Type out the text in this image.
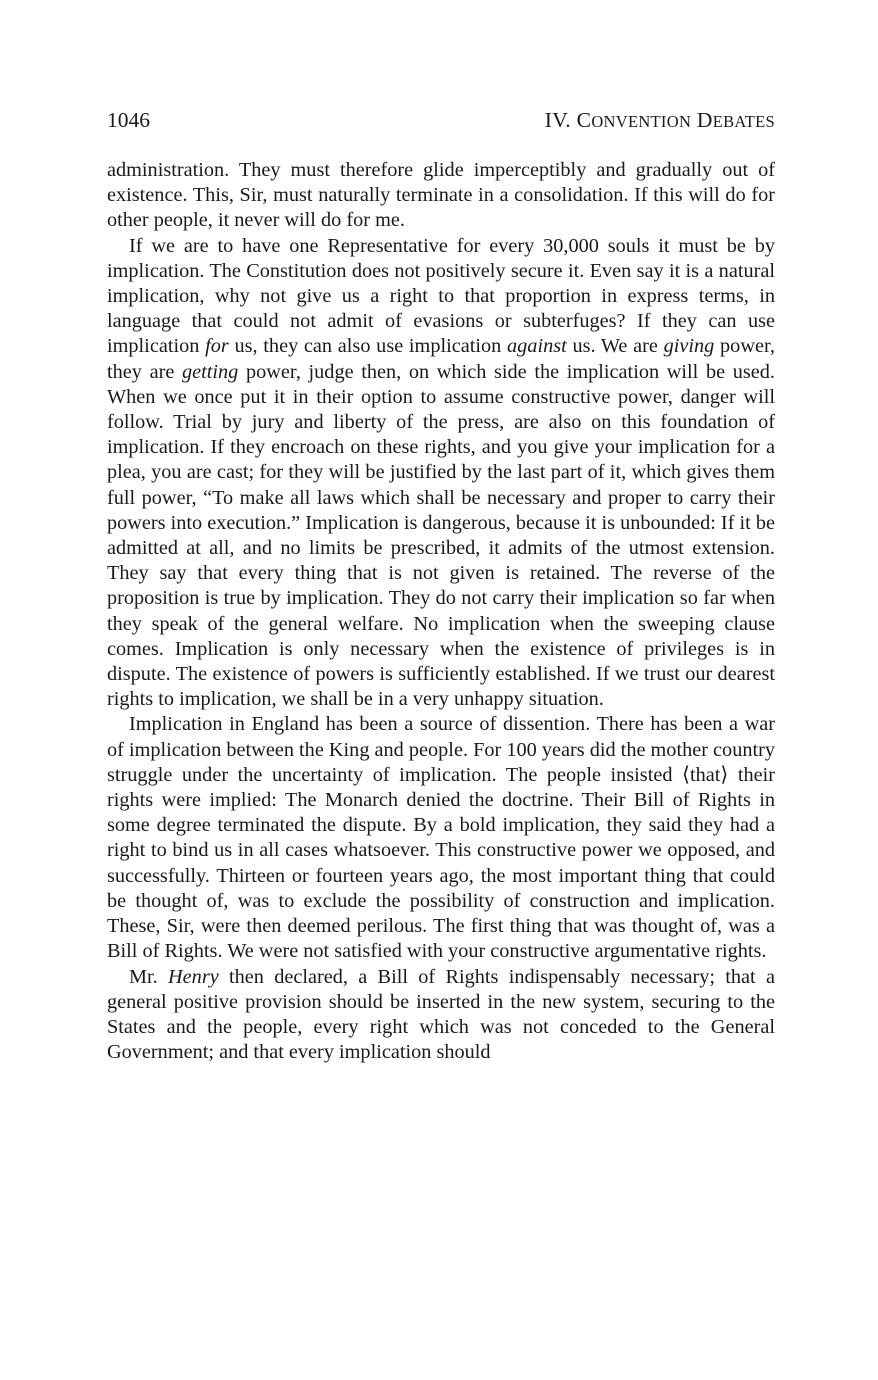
1046	IV. CONVENTION DEBATES

administration. They must therefore glide imperceptibly and gradually out of existence. This, Sir, must naturally terminate in a consolidation. If this will do for other people, it never will do for me.

If we are to have one Representative for every 30,000 souls it must be by implication. The Constitution does not positively secure it. Even say it is a natural implication, why not give us a right to that proportion in express terms, in language that could not admit of evasions or subterfuges? If they can use implication for us, they can also use implication against us. We are giving power, they are getting power, judge then, on which side the implication will be used. When we once put it in their option to assume constructive power, danger will follow. Trial by jury and liberty of the press, are also on this foundation of implication. If they encroach on these rights, and you give your implication for a plea, you are cast; for they will be justified by the last part of it, which gives them full power, “To make all laws which shall be necessary and proper to carry their powers into execution.” Implication is dangerous, because it is unbounded: If it be admitted at all, and no limits be prescribed, it admits of the utmost extension. They say that every thing that is not given is retained. The reverse of the proposition is true by implication. They do not carry their implication so far when they speak of the general welfare. No implication when the sweeping clause comes. Implication is only necessary when the existence of privileges is in dispute. The existence of powers is sufficiently established. If we trust our dearest rights to implication, we shall be in a very unhappy situation.

Implication in England has been a source of dissention. There has been a war of implication between the King and people. For 100 years did the mother country struggle under the uncertainty of implication. The people insisted ⟨that⟩ their rights were implied: The Monarch denied the doctrine. Their Bill of Rights in some degree terminated the dispute. By a bold implication, they said they had a right to bind us in all cases whatsoever. This constructive power we opposed, and successfully. Thirteen or fourteen years ago, the most important thing that could be thought of, was to exclude the possibility of construction and implication. These, Sir, were then deemed perilous. The first thing that was thought of, was a Bill of Rights. We were not satisfied with your constructive argumentative rights.

Mr. Henry then declared, a Bill of Rights indispensably necessary; that a general positive provision should be inserted in the new system, securing to the States and the people, every right which was not conceded to the General Government; and that every implication should
